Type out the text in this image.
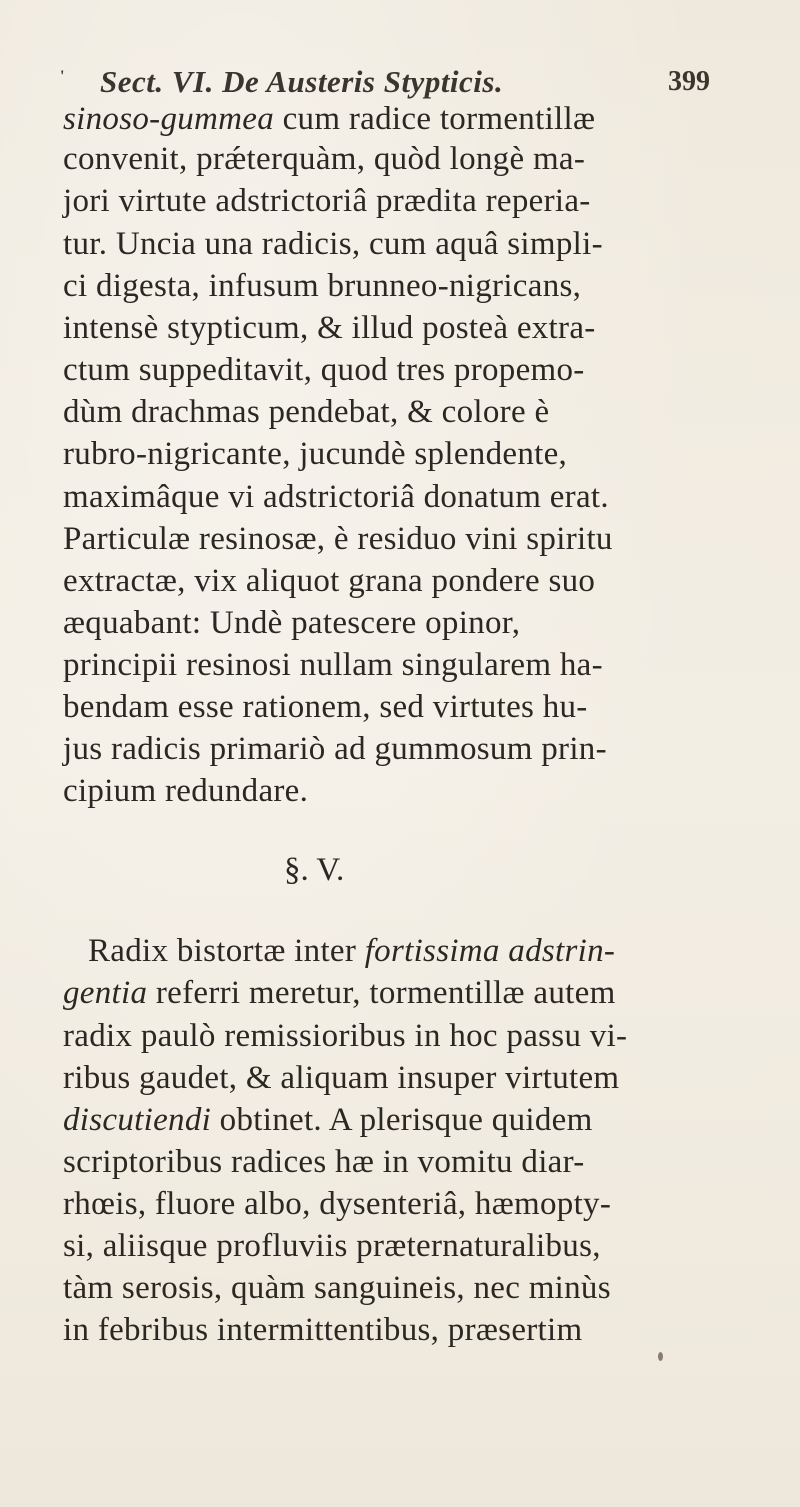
' Sect. VI. De Austeris Stypticis.	399
sinoso-gummea cum radice tormentillæ
convenit, prǽterquàm, quòd longè ma-
jori virtute adstrictoriâ prædita reperia-
tur. Uncia una radicis, cum aquâ simpli-
ci digesta, infusum brunneo-nigricans,
intensè stypticum, & illud posteà extra-
ctum suppeditavit, quod tres propemo-
dùm drachmas pendebat, & colore è
rubro-nigricante, jucundè splendente,
maximâque vi adstrictoriâ donatum erat.
Particulæ resinosæ, è residuo vini spiritu
extractæ, vix aliquot grana pondere suo
æquabant: Undè patescere opinor,
principii resinosi nullam singularem ha-
bendam esse rationem, sed virtutes hu-
jus radicis primariò ad gummosum prin-
cipium redundare.
Radix bistortæ inter fortissima adstrin-
gentia referri meretur, tormentillæ autem
radix paulò remissioribus in hoc passu vi-
ribus gaudet, & aliquam insuper virtutem
discutiendi obtinet. A plerisque quidem
scriptoribus radices hæ in vomitu diar-
rhœis, fluore albo, dysenteriâ, hæmopty-
si, aliisque profluviis præternaturalibus,
tàm serosis, quàm sanguineis, nec minùs
in febribus intermittentibus, præsertim
§. V.
